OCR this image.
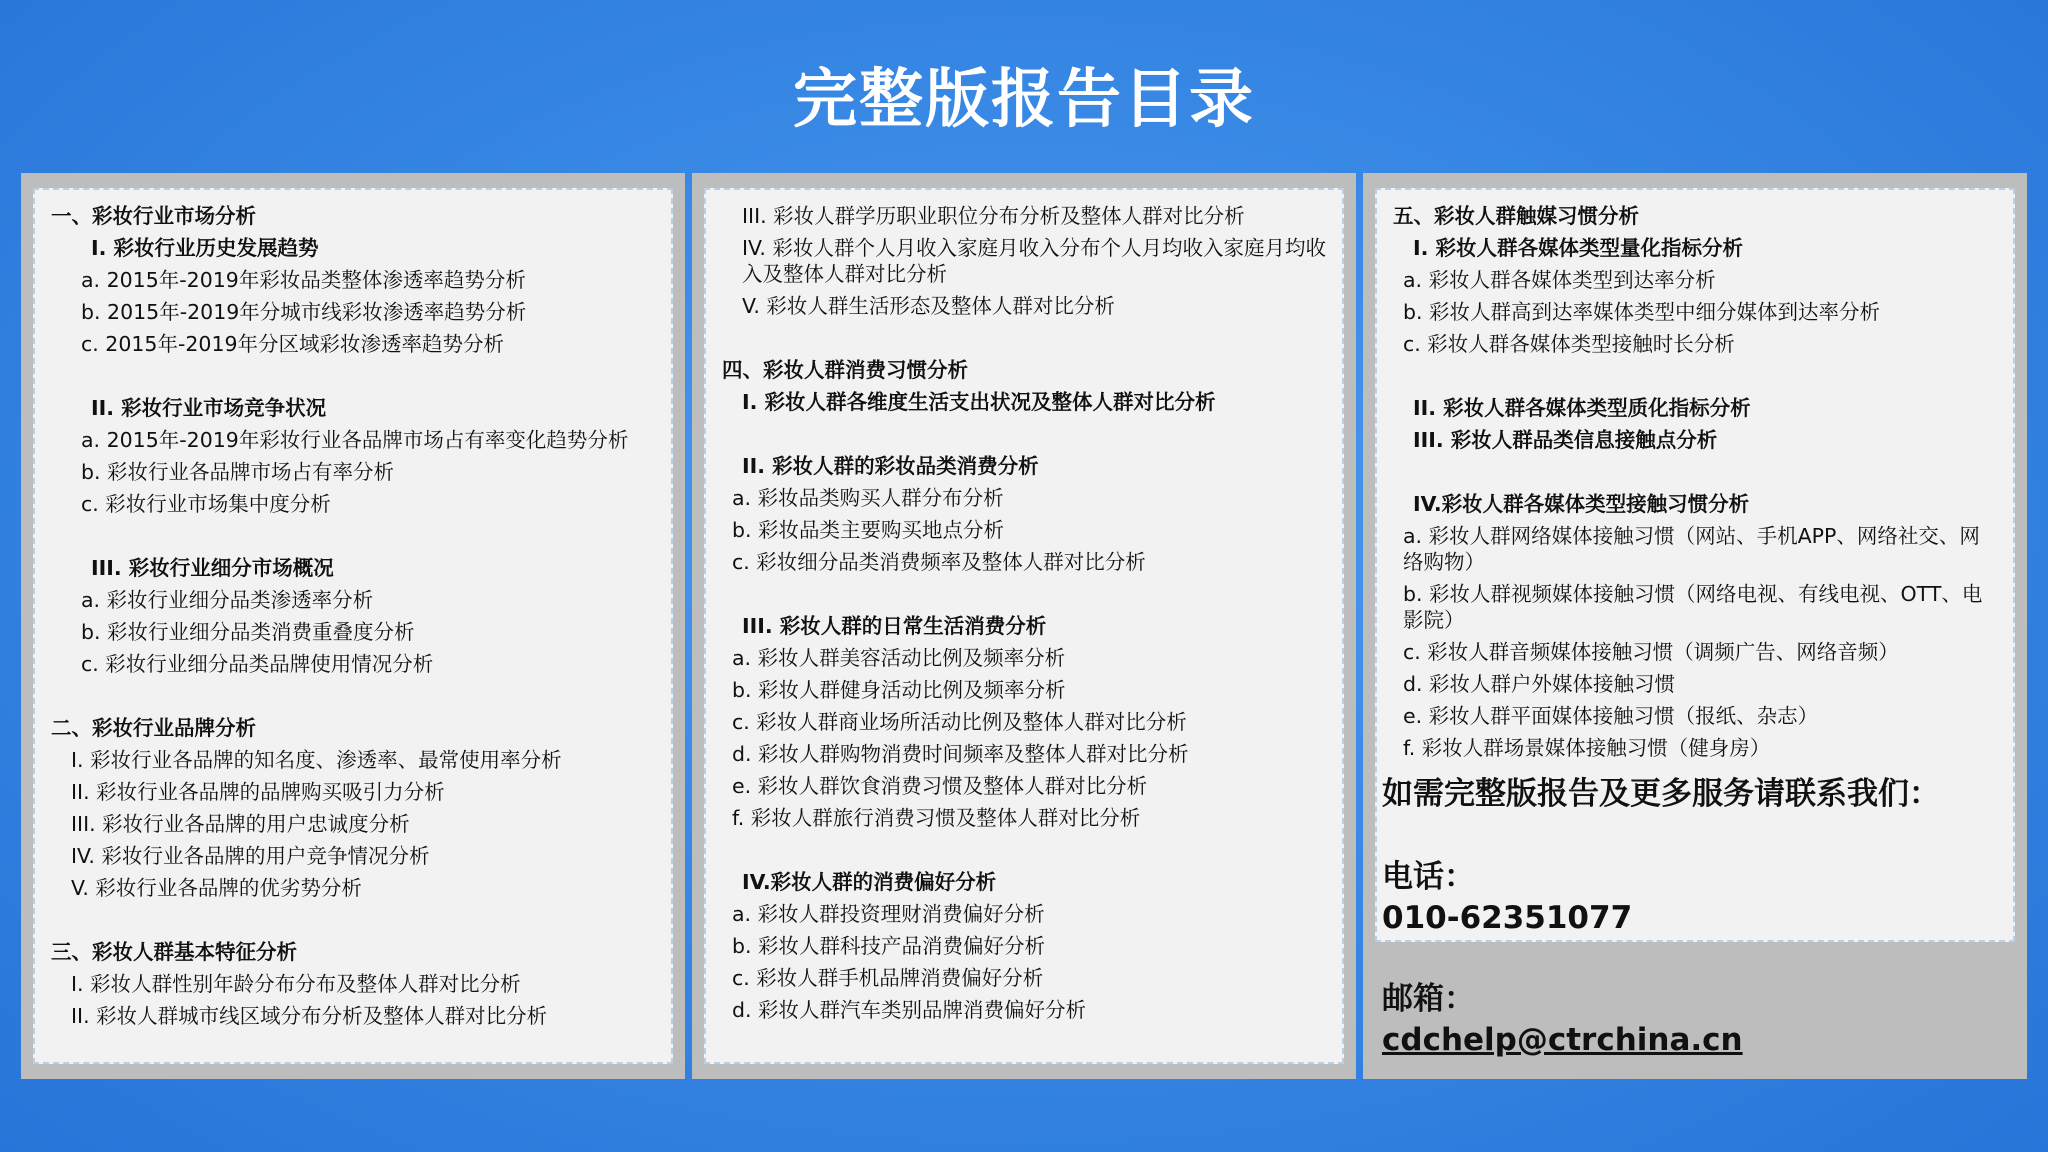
完整版报告目录
一、彩妆行业市场分析
I. 彩妆行业历史发展趋势
a. 2015年-2019年彩妆品类整体渗透率趋势分析
b. 2015年-2019年分城市线彩妆渗透率趋势分析
c. 2015年-2019年分区域彩妆渗透率趋势分析
II. 彩妆行业市场竞争状况
a. 2015年-2019年彩妆行业各品牌市场占有率变化趋势分析
b. 彩妆行业各品牌市场占有率分析
c. 彩妆行业市场集中度分析
III. 彩妆行业细分市场概况
a. 彩妆行业细分品类渗透率分析
b. 彩妆行业细分品类消费重叠度分析
c. 彩妆行业细分品类品牌使用情况分析
二、彩妆行业品牌分析
I. 彩妆行业各品牌的知名度、渗透率、最常使用率分析
II. 彩妆行业各品牌的品牌购买吸引力分析
III. 彩妆行业各品牌的用户忠诚度分析
IV. 彩妆行业各品牌的用户竞争情况分析
V. 彩妆行业各品牌的优劣势分析
三、彩妆人群基本特征分析
I. 彩妆人群性别年龄分布分布及整体人群对比分析
II. 彩妆人群城市线区域分布分析及整体人群对比分析
III. 彩妆人群学历职业职位分布分析及整体人群对比分析
IV. 彩妆人群个人月收入家庭月收入分布个人月均收入家庭月均收入及整体人群对比分析
V. 彩妆人群生活形态及整体人群对比分析
四、彩妆人群消费习惯分析
I. 彩妆人群各维度生活支出状况及整体人群对比分析
II. 彩妆人群的彩妆品类消费分析
a. 彩妆品类购买人群分布分析
b. 彩妆品类主要购买地点分析
c. 彩妆细分品类消费频率及整体人群对比分析
III. 彩妆人群的日常生活消费分析
a. 彩妆人群美容活动比例及频率分析
b. 彩妆人群健身活动比例及频率分析
c. 彩妆人群商业场所活动比例及整体人群对比分析
d. 彩妆人群购物消费时间频率及整体人群对比分析
e. 彩妆人群饮食消费习惯及整体人群对比分析
f. 彩妆人群旅行消费习惯及整体人群对比分析
IV.彩妆人群的消费偏好分析
a. 彩妆人群投资理财消费偏好分析
b. 彩妆人群科技产品消费偏好分析
c. 彩妆人群手机品牌消费偏好分析
d. 彩妆人群汽车类别品牌消费偏好分析
五、彩妆人群触媒习惯分析
I. 彩妆人群各媒体类型量化指标分析
a. 彩妆人群各媒体类型到达率分析
b. 彩妆人群高到达率媒体类型中细分媒体到达率分析
c. 彩妆人群各媒体类型接触时长分析
II. 彩妆人群各媒体类型质化指标分析
III. 彩妆人群品类信息接触点分析
IV.彩妆人群各媒体类型接触习惯分析
a. 彩妆人群网络媒体接触习惯（网站、手机APP、网络社交、网络购物）
b. 彩妆人群视频媒体接触习惯（网络电视、有线电视、OTT、电影院）
c. 彩妆人群音频媒体接触习惯（调频广告、网络音频）
d. 彩妆人群户外媒体接触习惯
e. 彩妆人群平面媒体接触习惯（报纸、杂志）
f. 彩妆人群场景媒体接触习惯（健身房）
如需完整版报告及更多服务请联系我们：
电话：
010-62351077
邮箱：
cdchelp@ctrchina.cn
